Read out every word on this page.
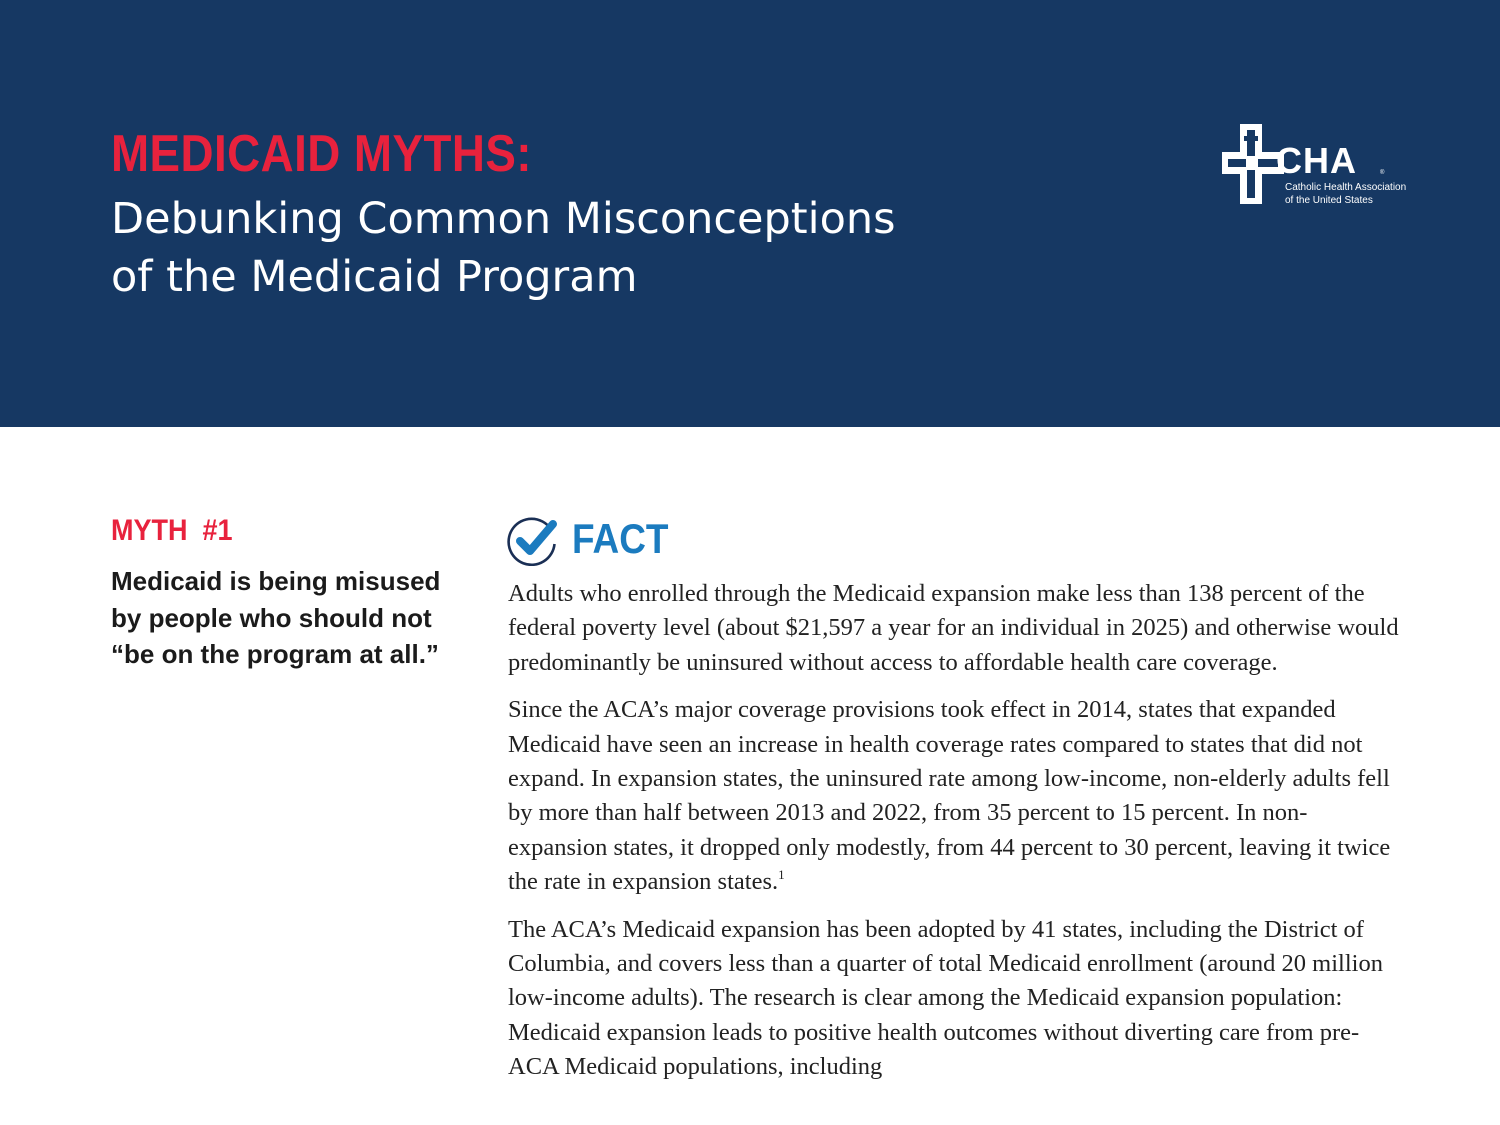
MEDICAID MYTHS:
Debunking Common Misconceptions
of the Medicaid Program
CHA	®
Catholic Health Association
of the United States
MYTH  #1

Medicaid is being misused by people who should not “be on the program at all.”

FACT

Adults who enrolled through the Medicaid expansion make less than 138 percent of the federal poverty level (about $21,597 a year for an individual in 2025) and otherwise would predominantly be uninsured without access to affordable health care coverage.

Since the ACA’s major coverage provisions took effect in 2014, states that expanded Medicaid have seen an increase in health coverage rates compared to states that did not expand. In expansion states, the uninsured rate among low-income, non-elderly adults fell by more than half between 2013 and 2022, from 35 percent to 15 percent. In non-expansion states, it dropped only modestly, from 44 percent to 30 percent, leaving it twice the rate in expansion states.$^1$

The ACA’s Medicaid expansion has been adopted by 41 states, including the District of Columbia, and covers less than a quarter of total Medicaid enrollment (around 20 million low-income adults). The research is clear among the Medicaid expansion population: Medicaid expansion leads to positive health outcomes without diverting care from pre-ACA Medicaid populations, including
